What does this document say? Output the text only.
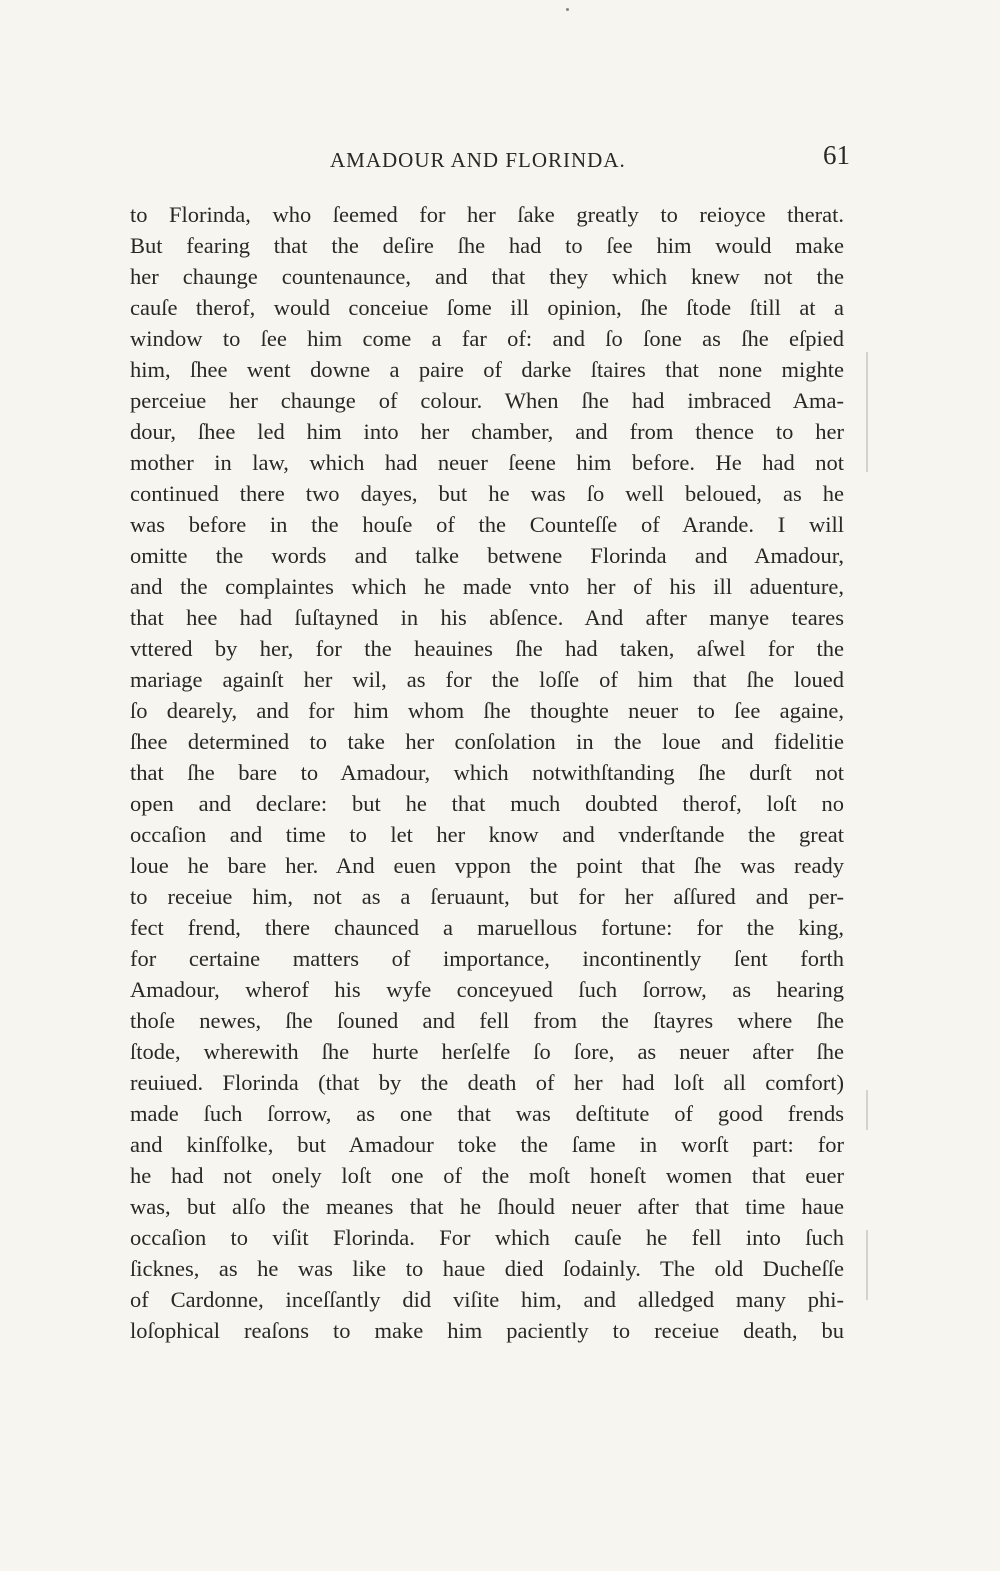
AMADOUR AND FLORINDA.	61
to Florinda, who ſeemed for her ſake greatly to reioyce therat.
But fearing that the deſire ſhe had to ſee him would make
her chaunge countenaunce, and that they which knew not the
cauſe therof, would conceiue ſome ill opinion, ſhe ſtode ſtill at a
window to ſee him come a far of: and ſo ſone as ſhe eſpied
him, ſhee went downe a paire of darke ſtaires that none mighte
perceiue her chaunge of colour. When ſhe had imbraced Ama-
dour, ſhee led him into her chamber, and from thence to her
mother in law, which had neuer ſeene him before. He had not
continued there two dayes, but he was ſo well beloued, as he
was before in the houſe of the Counteſſe of Arande. I will
omitte the words and talke betwene Florinda and Amadour,
and the complaintes which he made vnto her of his ill aduenture,
that hee had ſuſtayned in his abſence. And after manye teares
vttered by her, for the heauines ſhe had taken, aſwel for the
mariage againſt her wil, as for the loſſe of him that ſhe loued
ſo dearely, and for him whom ſhe thoughte neuer to ſee againe,
ſhee determined to take her conſolation in the loue and fidelitie
that ſhe bare to Amadour, which notwithſtanding ſhe durſt not
open and declare: but he that much doubted therof, loſt no
occaſion and time to let her know and vnderſtande the great
loue he bare her. And euen vppon the point that ſhe was ready
to receiue him, not as a ſeruaunt, but for her aſſured and per-
fect frend, there chaunced a maruellous fortune: for the king,
for certaine matters of importance, incontinently ſent forth
Amadour, wherof his wyfe conceyued ſuch ſorrow, as hearing
thoſe newes, ſhe ſouned and fell from the ſtayres where ſhe
ſtode, wherewith ſhe hurte herſelfe ſo ſore, as neuer after ſhe
reuiued. Florinda (that by the death of her had loſt all comfort)
made ſuch ſorrow, as one that was deſtitute of good frends
and kinſfolke, but Amadour toke the ſame in worſt part: for
he had not onely loſt one of the moſt honeſt women that euer
was, but alſo the meanes that he ſhould neuer after that time haue
occaſion to viſit Florinda. For which cauſe he fell into ſuch
ſicknes, as he was like to haue died ſodainly. The old Ducheſſe
of Cardonne, inceſſantly did viſite him, and alledged many phi-
loſophical reaſons to make him paciently to receiue death, bu
